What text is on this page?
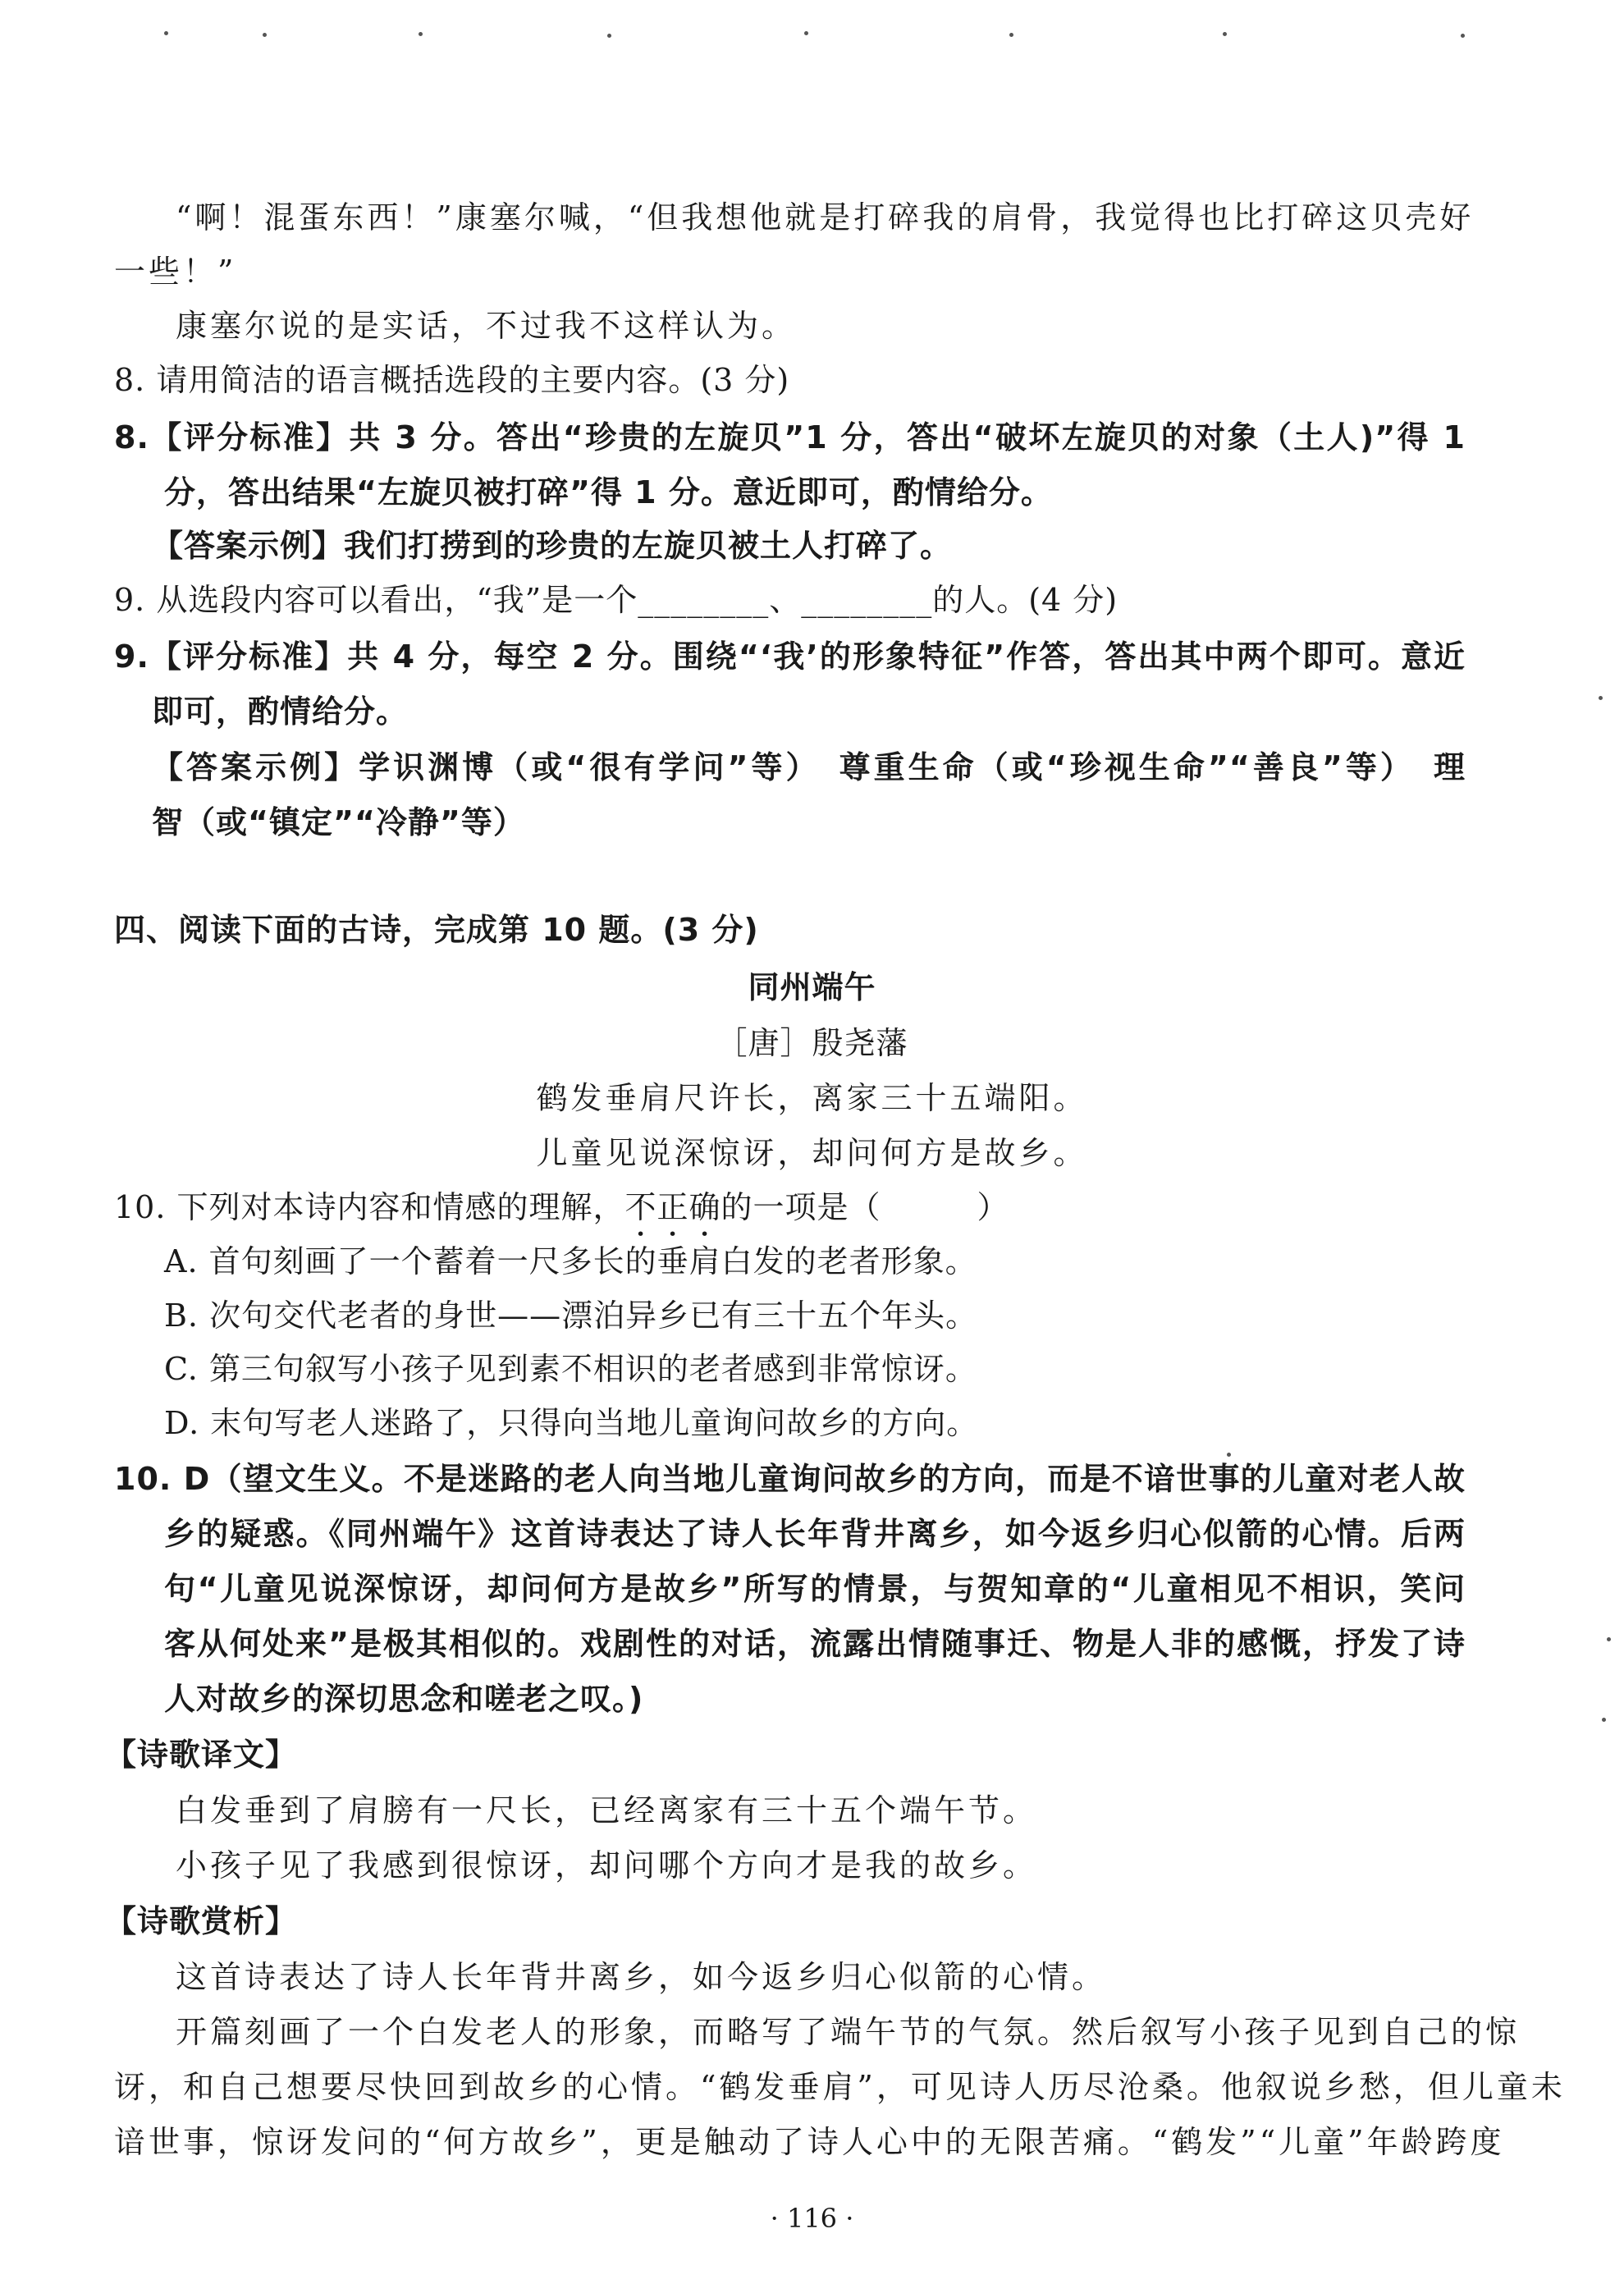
“啊！混蛋东西！”康塞尔喊，“但我想他就是打碎我的肩骨，我觉得也比打碎这贝壳好
一些！”
康塞尔说的是实话，不过我不这样认为。
8. 请用简洁的语言概括选段的主要内容。(3 分)
8.【评分标准】共 3 分。答出“珍贵的左旋贝”1 分，答出“破坏左旋贝的对象（土人)”得 1
分，答出结果“左旋贝被打碎”得 1 分。意近即可，酌情给分。
【答案示例】我们打捞到的珍贵的左旋贝被土人打碎了。
9. 从选段内容可以看出，“我”是一个________、________的人。(4 分)
9.【评分标准】共 4 分，每空 2 分。围绕“‘我’的形象特征”作答，答出其中两个即可。意近
即可，酌情给分。
【答案示例】学识渊博（或“很有学问”等）　尊重生命（或“珍视生命”“善良”等）　理
智（或“镇定”“冷静”等）
四、阅读下面的古诗，完成第 10 题。(3 分)
同州端午
［唐］殷尧藩
鹤发垂肩尺许长，离家三十五端阳。
儿童见说深惊讶，却问何方是故乡。
10. 下列对本诗内容和情感的理解，不正确的一项是（　　　）
A. 首句刻画了一个蓄着一尺多长的垂肩白发的老者形象。
B. 次句交代老者的身世——漂泊异乡已有三十五个年头。
C. 第三句叙写小孩子见到素不相识的老者感到非常惊讶。
D. 末句写老人迷路了，只得向当地儿童询问故乡的方向。
10. D（望文生义。不是迷路的老人向当地儿童询问故乡的方向，而是不谙世事的儿童对老人故
乡的疑惑。《同州端午》这首诗表达了诗人长年背井离乡，如今返乡归心似箭的心情。后两
句“儿童见说深惊讶，却问何方是故乡”所写的情景，与贺知章的“儿童相见不相识，笑问
客从何处来”是极其相似的。戏剧性的对话，流露出情随事迁、物是人非的感慨，抒发了诗
人对故乡的深切思念和嗟老之叹。)
【诗歌译文】
白发垂到了肩膀有一尺长，已经离家有三十五个端午节。
小孩子见了我感到很惊讶，却问哪个方向才是我的故乡。
【诗歌赏析】
这首诗表达了诗人长年背井离乡，如今返乡归心似箭的心情。
开篇刻画了一个白发老人的形象，而略写了端午节的气氛。然后叙写小孩子见到自己的惊
讶，和自己想要尽快回到故乡的心情。“鹤发垂肩”，可见诗人历尽沧桑。他叙说乡愁，但儿童未
谙世事，惊讶发问的“何方故乡”，更是触动了诗人心中的无限苦痛。“鹤发”“儿童”年龄跨度
· 116 ·
